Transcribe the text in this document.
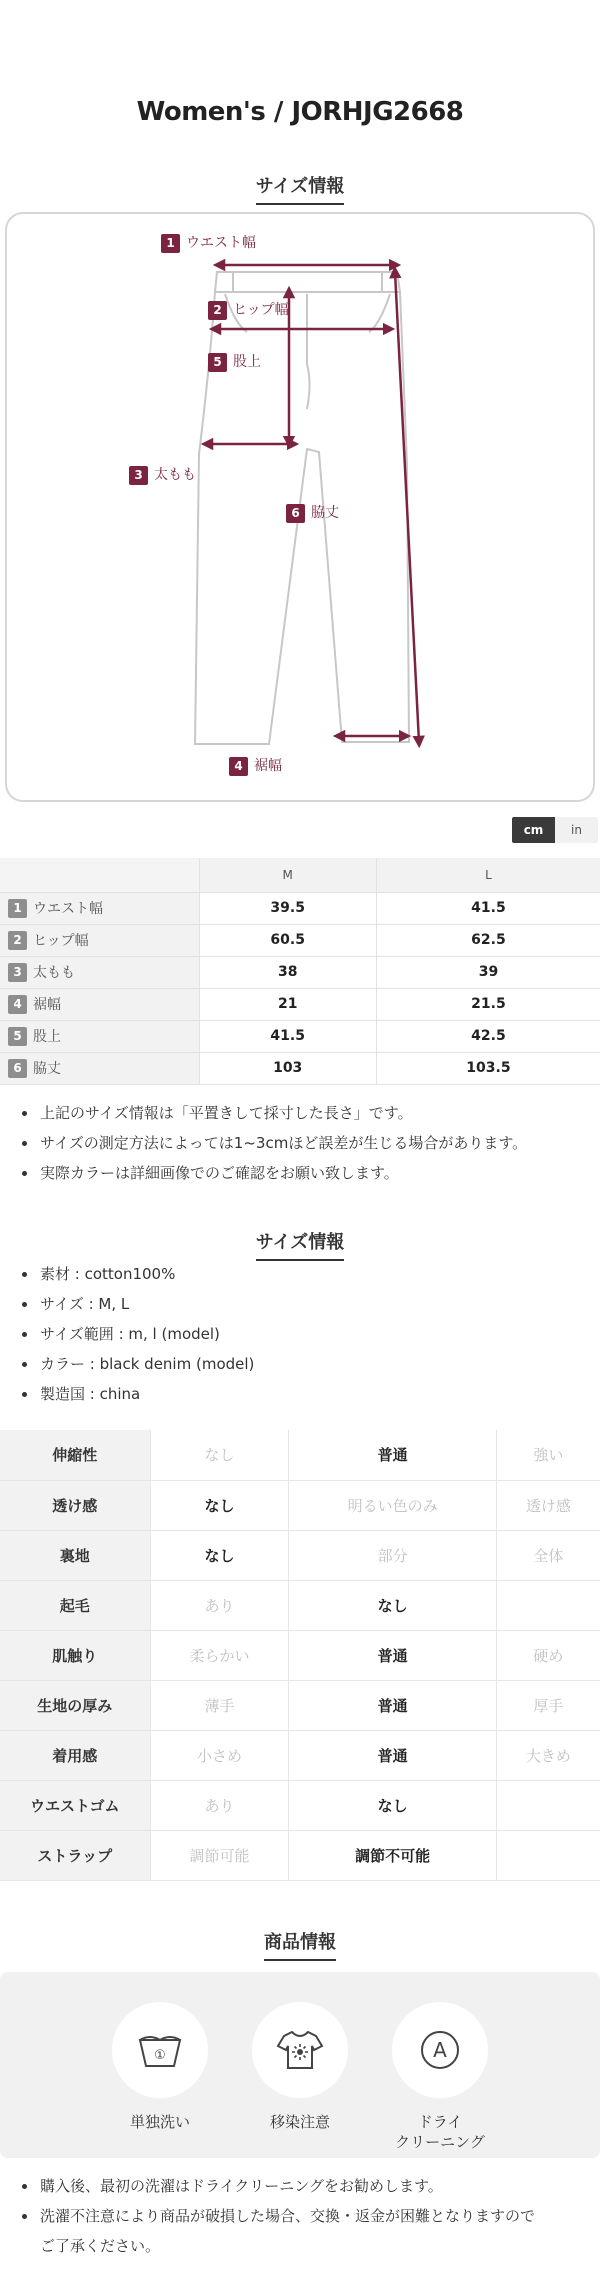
Women's / JORHJG2668
サイズ情報
1 ウエスト幅
2 ヒップ幅
5 股上
3 太もも
6 脇丈
4 裾幅
cm	in
	M	L
1 ウエスト幅	39.5	41.5
2 ヒップ幅	60.5	62.5
3 太もも	38	39
4 裾幅	21	21.5
5 股上	41.5	42.5
6 脇丈	103	103.5
上記のサイズ情報は「平置きして採寸した長さ」です。
サイズの測定方法によっては1~3cmほど誤差が生じる場合があります。
実際カラーは詳細画像でのご確認をお願い致します。
サイズ情報
素材 : cotton100%
サイズ : M, L
サイズ範囲 : m, l (model)
カラー : black denim (model)
製造国 : china
伸縮性	なし	普通	強い
透け感	なし	明るい色のみ	透け感
裏地	なし	部分	全体
起毛	あり	なし	
肌触り	柔らかい	普通	硬め
生地の厚み	薄手	普通	厚手
着用感	小さめ	普通	大きめ
ウエストゴム	あり	なし	
ストラップ	調節可能	調節不可能	
商品情報
①
単独洗い	移染注意
A
ドライ
クリーニング
購入後、最初の洗濯はドライクリーニングをお勧めします。
洗濯不注意により商品が破損した場合、交換・返金が困難となりますので
ご了承ください。
